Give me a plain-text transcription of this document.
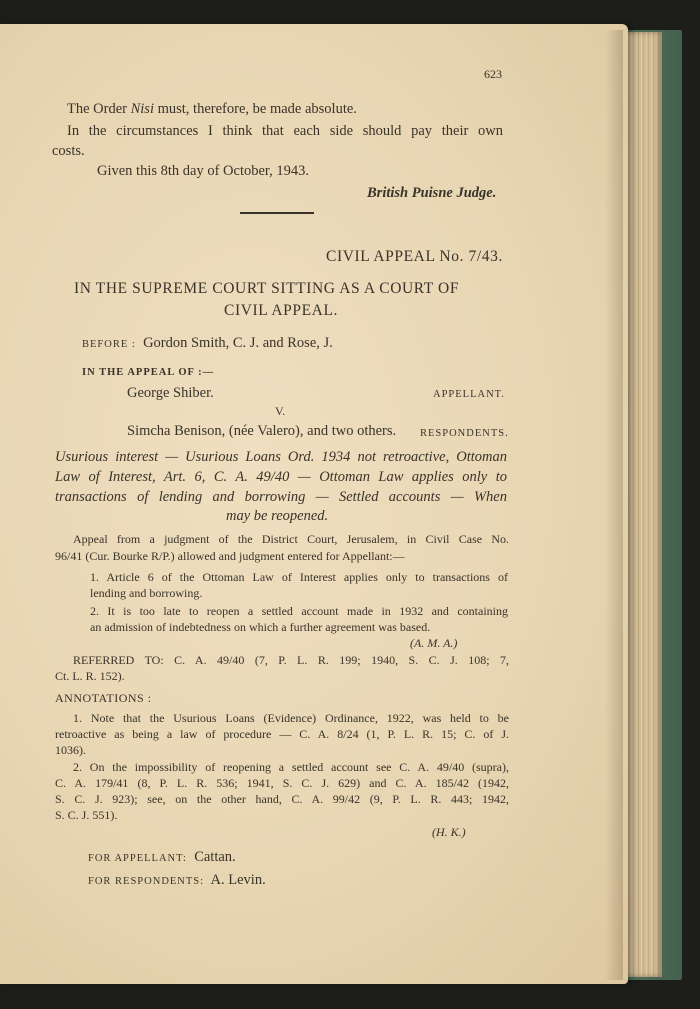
623
The Order Nisi must, therefore, be made absolute.
In the circumstances I think that each side should pay their own
costs.
Given this 8th day of October, 1943.
British Puisne Judge.
CIVIL APPEAL No. 7/43.
IN THE SUPREME COURT SITTING AS A COURT OF
CIVIL APPEAL.
BEFORE : Gordon Smith, C. J. and Rose, J.
IN THE APPEAL OF :—
George Shiber.	APPELLANT.
V.
Simcha Benison, (née Valero), and two others. RESPONDENTS.
Usurious interest — Usurious Loans Ord. 1934 not retroactive, Ottoman
Law of Interest, Art. 6, C. A. 49/40 — Ottoman Law applies only to
transactions of lending and borrowing — Settled accounts — When
may be reopened.
Appeal from a judgment of the District Court, Jerusalem, in Civil Case No.
96/41 (Cur. Bourke R/P.) allowed and judgment entered for Appellant:—
1. Article 6 of the Ottoman Law of Interest applies only to transactions of
lending and borrowing.
2. It is too late to reopen a settled account made in 1932 and containing
an admission of indebtedness on which a further agreement was based.
(A. M. A.)
REFERRED TO: C. A. 49/40 (7, P. L. R. 199; 1940, S. C. J. 108; 7,
Ct. L. R. 152).
ANNOTATIONS :
1. Note that the Usurious Loans (Evidence) Ordinance, 1922, was held to be
retroactive as being a law of procedure — C. A. 8/24 (1, P. L. R. 15; C. of J.
1036).
2. On the impossibility of reopening a settled account see C. A. 49/40 (supra),
C. A. 179/41 (8, P. L. R. 536; 1941, S. C. J. 629) and C. A. 185/42 (1942,
S. C. J. 923); see, on the other hand, C. A. 99/42 (9, P. L. R. 443; 1942,
S. C. J. 551).
(H. K.)
FOR APPELLANT: Cattan.
FOR RESPONDENTS: A. Levin.
